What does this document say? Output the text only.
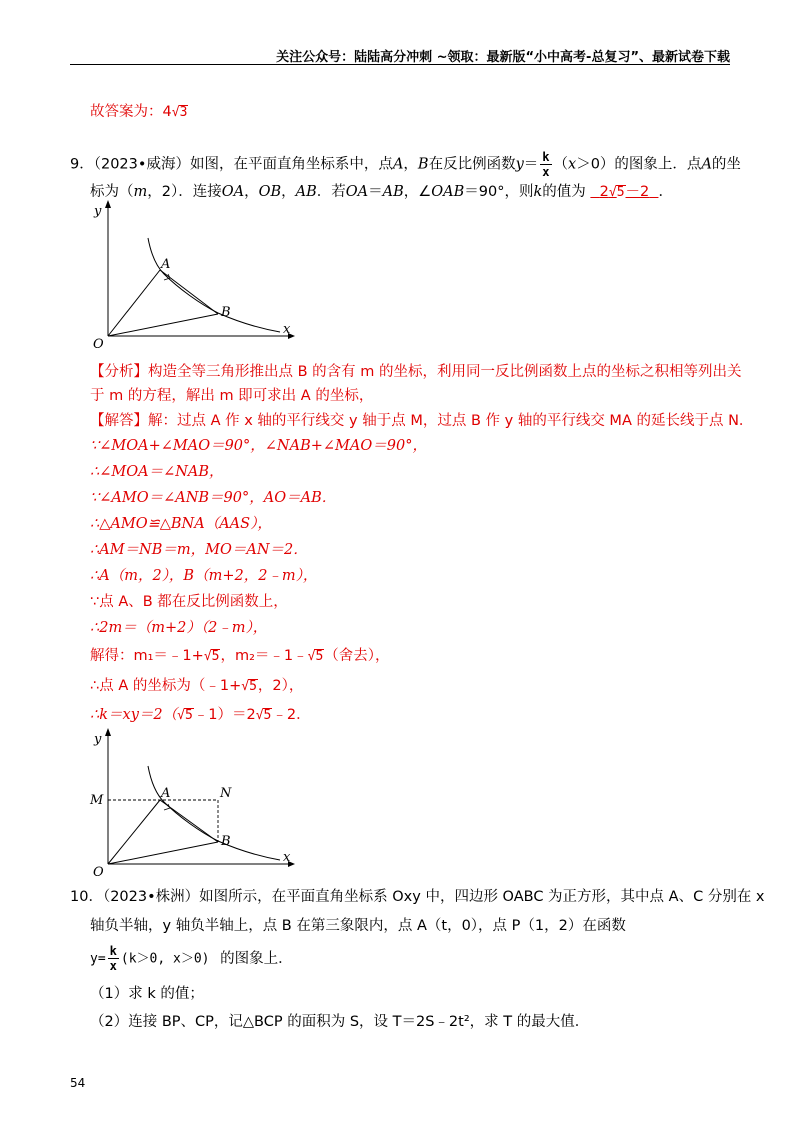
关注公众号：陆陆高分冲刺 ~领取：最新版“小中高考-总复习”、最新试卷下载
故答案为：4√3
9．（2023•威海）如图，在平面直角坐标系中，点A，B在反比例函数$y= \frac{k}{x} (x>0)$的图象上．点A的坐
标为（m，2）．连接OA，OB，AB．若OA＝AB，∠OAB＝90°，则k的值为 2√5－2 ．
y
x
O
A
B
【分析】构造全等三角形推出点 B 的含有 m 的坐标，利用同一反比例函数上点的坐标之积相等列出关
于 m 的方程，解出 m 即可求出 A 的坐标，
【解答】解：过点 A 作 x 轴的平行线交 y 轴于点 M，过点 B 作 y 轴的平行线交 MA 的延长线于点 N．
∵∠MOA+∠MAO＝90°，∠NAB+∠MAO＝90°，
∴∠MOA＝∠NAB，
∵∠AMO＝∠ANB＝90°，AO＝AB．
∴△AMO≌△BNA（AAS），
∴AM＝NB＝m，MO＝AN＝2．
∴A（m，2），B（m+2，2﹣m），
∵点 A、B 都在反比例函数上，
∴2m＝（m+2）（2﹣m），
解得：m₁＝﹣1+√5，m₂＝﹣1﹣√5（舍去），
∴点 A 的坐标为（﹣1+√5，2），
∴k＝xy＝2（√5﹣1）＝2√5﹣2．
y
x
O
M	A	N
B
10．（2023•株洲）如图所示，在平面直角坐标系 Oxy 中，四边形 OABC 为正方形，其中点 A、C 分别在 x
轴负半轴，y 轴负半轴上，点 B 在第三象限内，点 A（t，0），点 P（1，2）在函数
$y= \frac{k}{x} (k>0$, x＞0) 的图象上．
（1）求 k 的值；
（2）连接 BP、CP，记△BCP 的面积为 S，设 T＝2S﹣2t²，求 T 的最大值．
54
